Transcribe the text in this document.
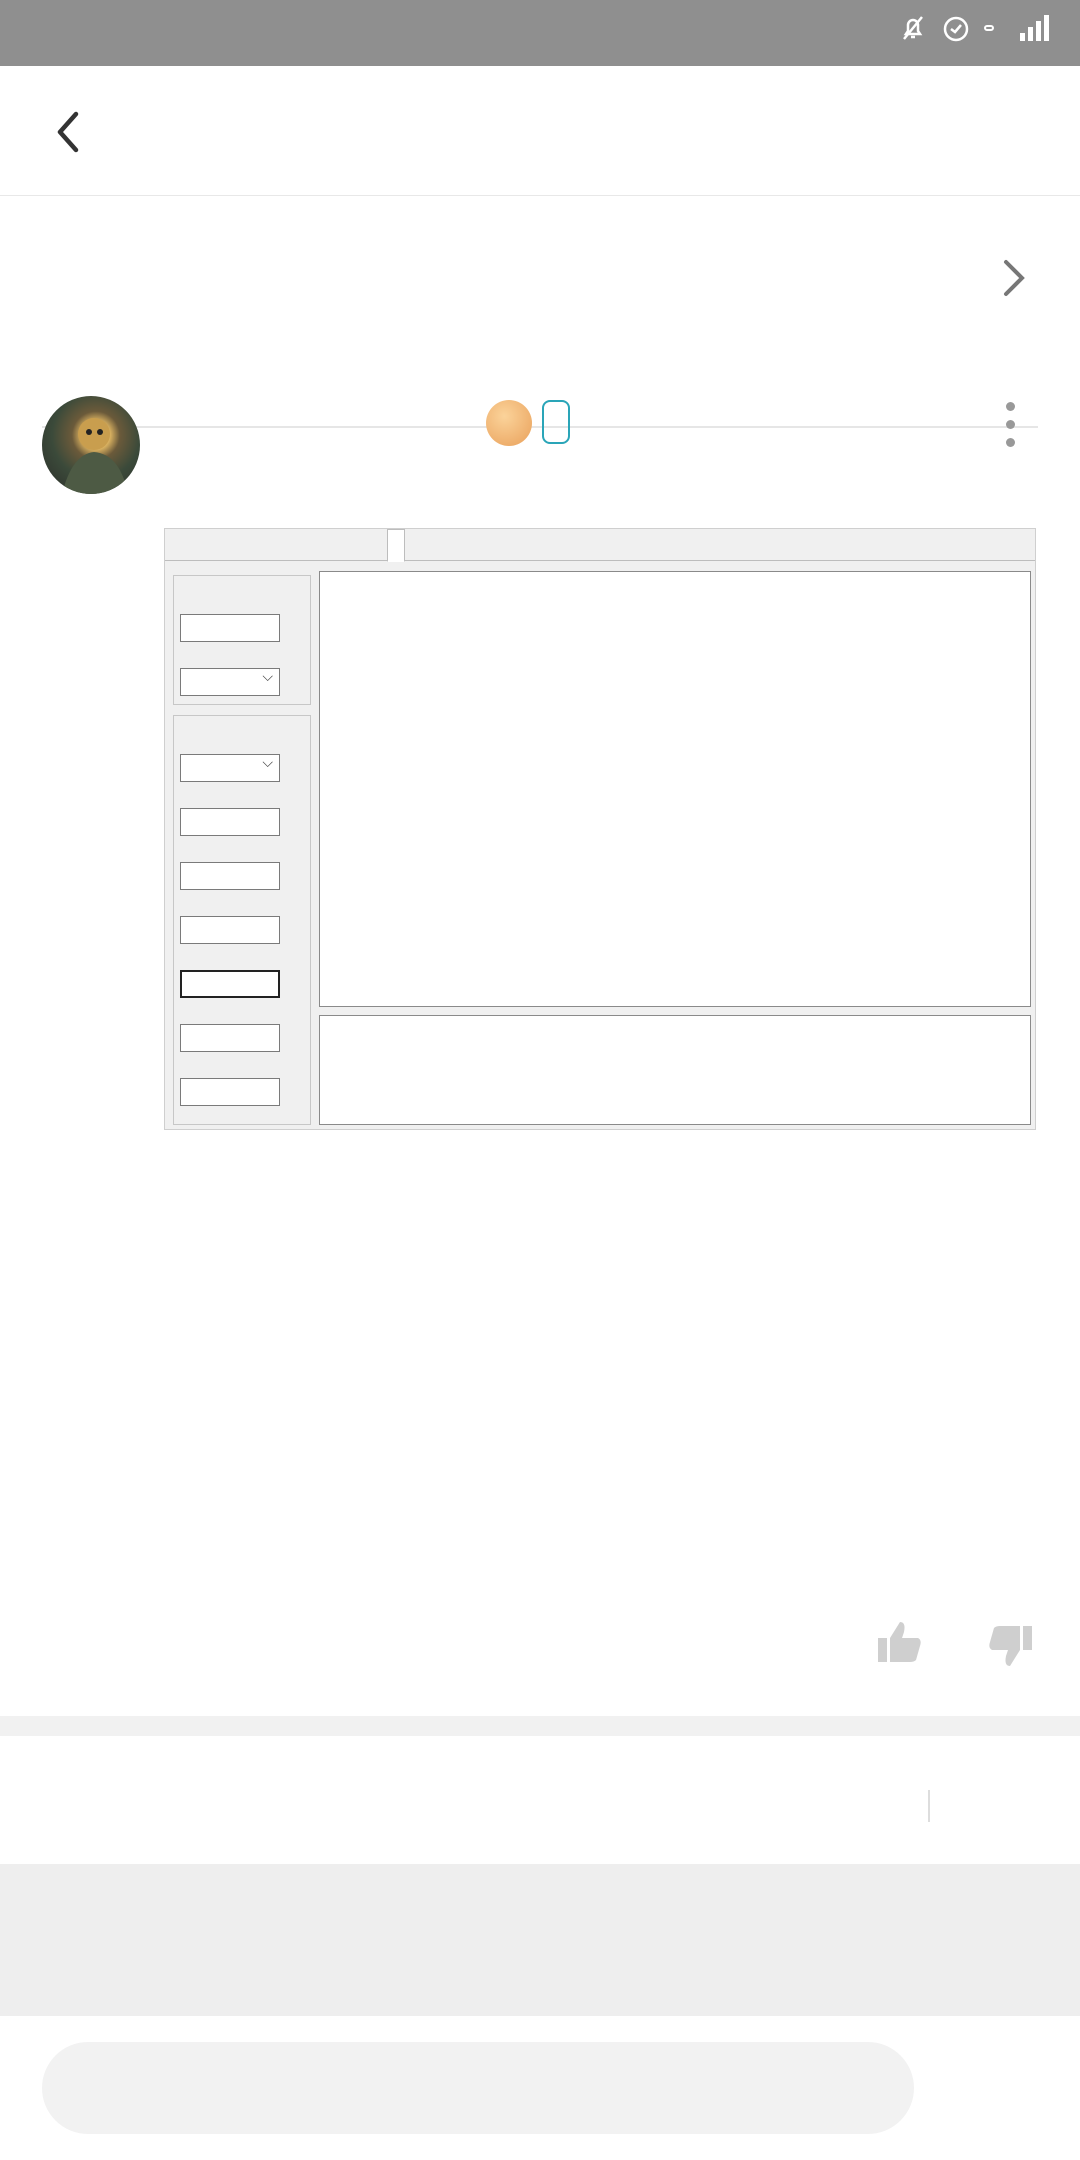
⌵
⌵
